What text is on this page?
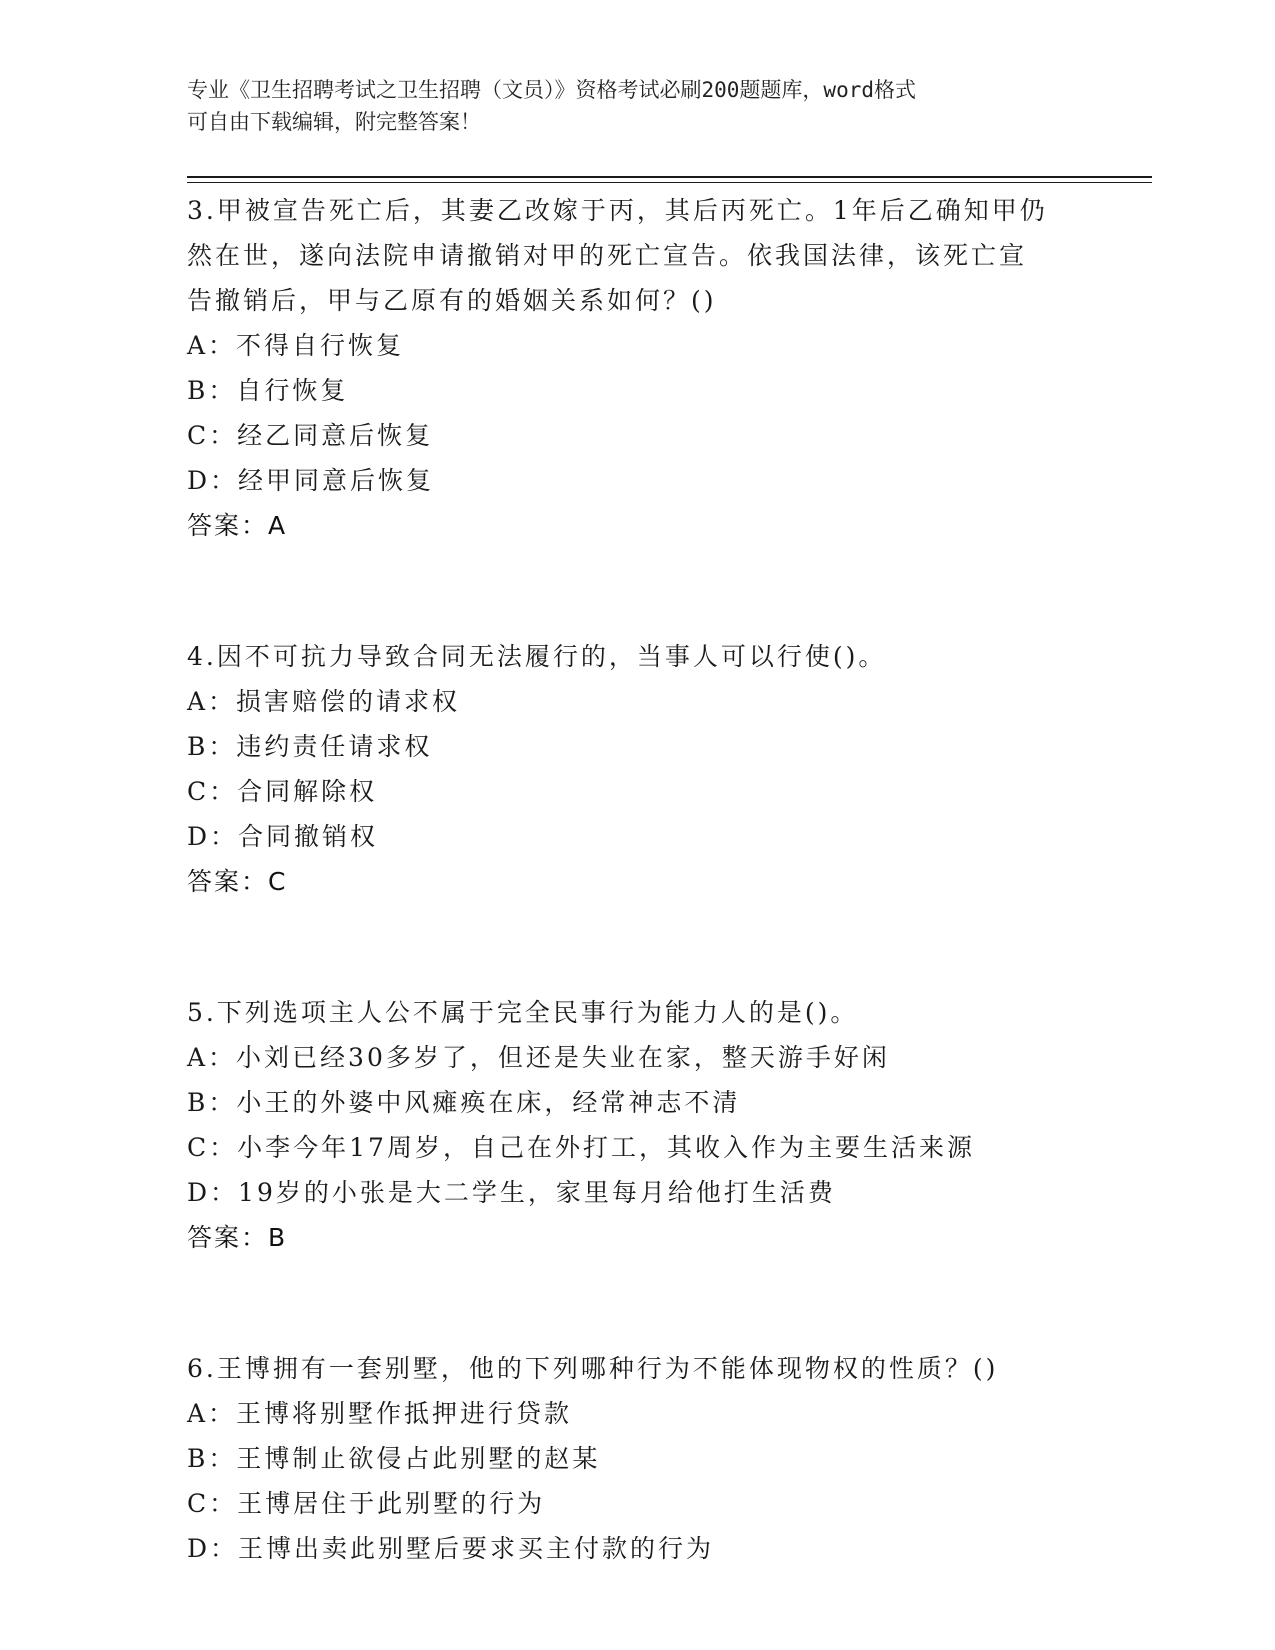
专业《卫生招聘考试之卫生招聘（文员）》资格考试必刷200题题库，word格式
可自由下载编辑，附完整答案！

3.甲被宣告死亡后，其妻乙改嫁于丙，其后丙死亡。1年后乙确知甲仍

然在世，遂向法院申请撤销对甲的死亡宣告。依我国法律，该死亡宣

告撤销后，甲与乙原有的婚姻关系如何？()

A：不得自行恢复

B：自行恢复

C：经乙同意后恢复

D：经甲同意后恢复

答案：A

4.因不可抗力导致合同无法履行的，当事人可以行使()。

A：损害赔偿的请求权

B：违约责任请求权

C：合同解除权

D：合同撤销权

答案：C

5.下列选项主人公不属于完全民事行为能力人的是()。

A：小刘已经30多岁了，但还是失业在家，整天游手好闲

B：小王的外婆中风瘫痪在床，经常神志不清

C：小李今年17周岁，自己在外打工，其收入作为主要生活来源

D：19岁的小张是大二学生，家里每月给他打生活费

答案：B

6.王博拥有一套别墅，他的下列哪种行为不能体现物权的性质？()

A：王博将别墅作抵押进行贷款

B：王博制止欲侵占此别墅的赵某

C：王博居住于此别墅的行为

D：王博出卖此别墅后要求买主付款的行为
